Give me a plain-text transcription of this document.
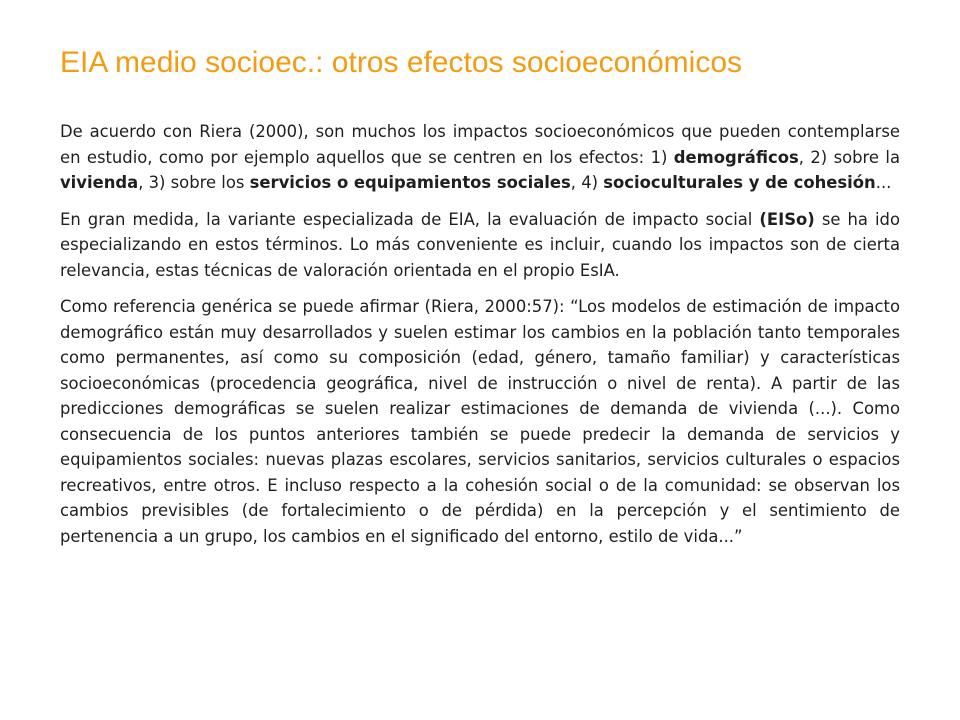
EIA medio socioec.: otros efectos socioeconómicos

De acuerdo con Riera (2000), son muchos los impactos socioeconómicos que pueden contemplarse en estudio, como por ejemplo aquellos que se centren en los efectos: 1) demográficos, 2) sobre la vivienda, 3) sobre los servicios o equipamientos sociales, 4) socioculturales y de cohesión...

En gran medida, la variante especializada de EIA, la evaluación de impacto social (EISo) se ha ido especializando en estos términos. Lo más conveniente es incluir, cuando los impactos son de cierta relevancia, estas técnicas de valoración orientada en el propio EsIA.

Como referencia genérica se puede afirmar (Riera, 2000:57): “Los modelos de estimación de impacto demográfico están muy desarrollados y suelen estimar los cambios en la población tanto temporales como permanentes, así como su composición (edad, género, tamaño familiar) y características socioeconómicas (procedencia geográfica, nivel de instrucción o nivel de renta). A partir de las predicciones demográficas se suelen realizar estimaciones de demanda de vivienda (...). Como consecuencia de los puntos anteriores también se puede predecir la demanda de servicios y equipamientos sociales: nuevas plazas escolares, servicios sanitarios, servicios culturales o espacios recreativos, entre otros. E incluso respecto a la cohesión social o de la comunidad: se observan los cambios previsibles (de fortalecimiento o de pérdida) en la percepción y el sentimiento de pertenencia a un grupo, los cambios en el significado del entorno, estilo de vida...”
